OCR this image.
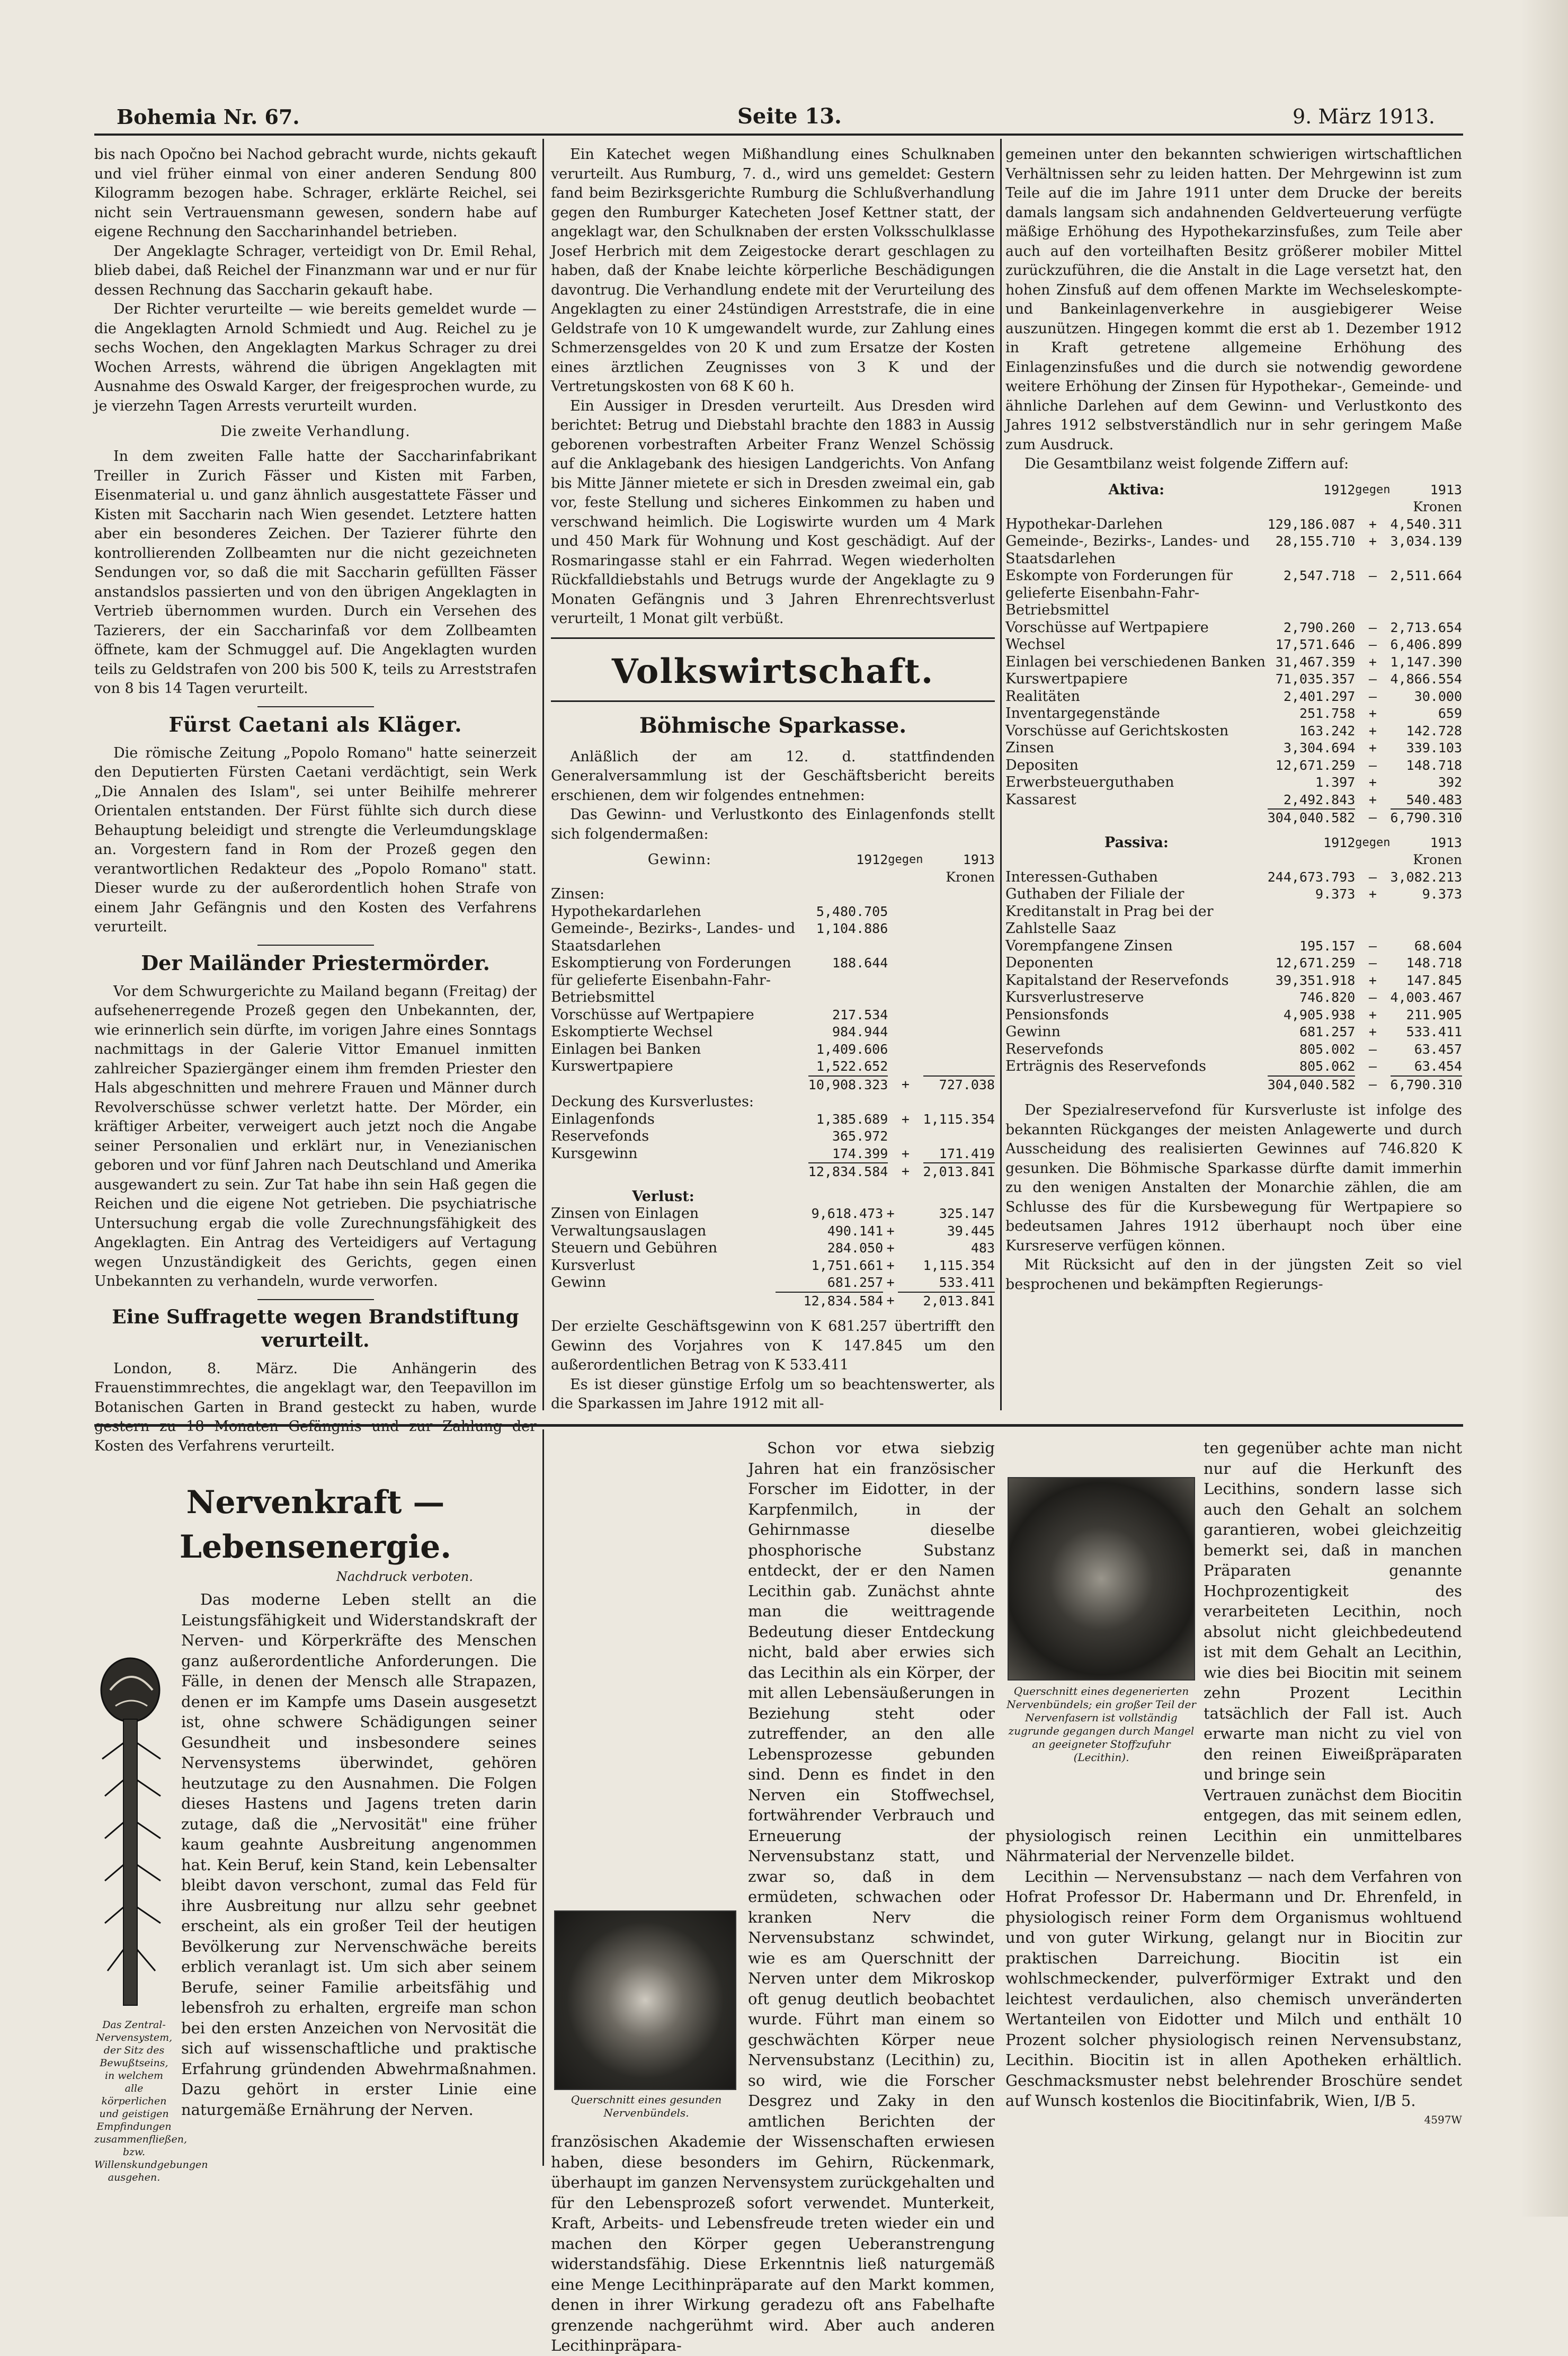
Bohemia Nr. 67.	Seite 13.	9. März 1913.

bis nach Opočno bei Nachod gebracht wurde, nichts gekauft und viel früher einmal von einer anderen Sendung 800 Kilogramm bezogen habe. Schrager, erklärte Reichel, sei nicht sein Vertrauensmann gewesen, sondern habe auf eigene Rechnung den Saccharinhandel betrieben.

Der Angeklagte Schrager, verteidigt von Dr. Emil Rehal, blieb dabei, daß Reichel der Finanzmann war und er nur für dessen Rechnung das Saccharin gekauft habe.

Der Richter verurteilte — wie bereits gemeldet wurde — die Angeklagten Arnold Schmiedt und Aug. Reichel zu je sechs Wochen, den Angeklagten Markus Schrager zu drei Wochen Arrests, während die übrigen Angeklagten mit Ausnahme des Oswald Karger, der freigesprochen wurde, zu je vierzehn Tagen Arrests verurteilt wurden.

Die zweite Verhandlung.

In dem zweiten Falle hatte der Saccharinfabrikant Treiller in Zurich Fässer und Kisten mit Farben, Eisenmaterial u. und ganz ähnlich ausgestattete Fässer und Kisten mit Saccharin nach Wien gesendet. Letztere hatten aber ein besonderes Zeichen. Der Tazierer führte den kontrollierenden Zollbeamten nur die nicht gezeichneten Sendungen vor, so daß die mit Saccharin gefüllten Fässer anstandslos passierten und von den übrigen Angeklagten in Vertrieb übernommen wurden. Durch ein Versehen des Tazierers, der ein Saccharinfaß vor dem Zollbeamten öffnete, kam der Schmuggel auf. Die Angeklagten wurden teils zu Geldstrafen von 200 bis 500 K, teils zu Arreststrafen von 8 bis 14 Tagen verurteilt.

Fürst Caetani als Kläger.

Die römische Zeitung „Popolo Romano" hatte seinerzeit den Deputierten Fürsten Caetani verdächtigt, sein Werk „Die Annalen des Islam", sei unter Beihilfe mehrerer Orientalen entstanden. Der Fürst fühlte sich durch diese Behauptung beleidigt und strengte die Verleumdungsklage an. Vorgestern fand in Rom der Prozeß gegen den verantwortlichen Redakteur des „Popolo Romano" statt. Dieser wurde zu der außerordentlich hohen Strafe von einem Jahr Gefängnis und den Kosten des Verfahrens verurteilt.

Der Mailänder Priestermörder.

Vor dem Schwurgerichte zu Mailand begann (Freitag) der aufsehenerregende Prozeß gegen den Unbekannten, der, wie erinnerlich sein dürfte, im vorigen Jahre eines Sonntags nachmittags in der Galerie Vittor Emanuel inmitten zahlreicher Spaziergänger einem ihm fremden Priester den Hals abgeschnitten und mehrere Frauen und Männer durch Revolverschüsse schwer verletzt hatte. Der Mörder, ein kräftiger Arbeiter, verweigert auch jetzt noch die Angabe seiner Personalien und erklärt nur, in Venezianischen geboren und vor fünf Jahren nach Deutschland und Amerika ausgewandert zu sein. Zur Tat habe ihn sein Haß gegen die Reichen und die eigene Not getrieben. Die psychiatrische Untersuchung ergab die volle Zurechnungsfähigkeit des Angeklagten. Ein Antrag des Verteidigers auf Vertagung wegen Unzuständigkeit des Gerichts, gegen einen Unbekannten zu verhandeln, wurde verworfen.

Eine Suffragette wegen Brandstiftung verurteilt.

London, 8. März. Die Anhängerin des Frauenstimmrechtes, die angeklagt war, den Teepavillon im Botanischen Garten in Brand gesteckt zu haben, wurde Kosten des Verfahrens verurteilt.

Ein Katechet wegen Mißhandlung eines Schulknaben verurteilt. Aus Rumburg, 7. d., wird uns gemeldet: Gestern fand beim Bezirksgerichte Rumburg die Schlußverhandlung gegen den Rumburger Katecheten Josef Kettner statt, der angeklagt war, den Schulknaben der ersten Volksschulklasse Josef Herbrich mit dem Zeigestocke derart geschlagen zu haben, daß der Knabe leichte körperliche Beschädigungen davontrug. Die Verhandlung endete mit der Verurteilung des Angeklagten zu einer 24stündigen Arreststrafe, die in eine Geldstrafe von 10 K umgewandelt wurde, zur Zahlung eines Schmerzensgeldes von 20 K und zum Ersatze der Kosten eines ärztlichen Zeugnisses von 3 K und der Vertretungskosten von 68 K 60 h.

Ein Aussiger in Dresden verurteilt. Aus Dresden wird berichtet: Betrug und Diebstahl brachte den 1883 in Aussig geborenen vorbestraften Arbeiter Franz Wenzel Schössig auf die Anklagebank des hiesigen Landgerichts. Von Anfang bis Mitte Jänner mietete er sich in Dresden zweimal ein, gab vor, feste Stellung und sicheres Einkommen zu haben und verschwand heimlich. Die Logiswirte wurden um 4 Mark und 450 Mark für Wohnung und Kost geschädigt. Auf der Rosmaringasse stahl er ein Fahrrad. Wegen wiederholten Rückfalldiebstahls und Betrugs wurde der Angeklagte zu 9 Monaten Gefängnis und 3 Jahren Ehrenrechtsverlust verurteilt, 1 Monat gilt verbüßt.

Volkswirtschaft.

Böhmische Sparkasse.

Anläßlich der am 12. d. stattfindenden Generalversammlung ist der Geschäftsbericht bereits erschienen, dem wir folgendes entnehmen:

Das Gewinn- und Verlustkonto des Einlagenfonds stellt sich folgendermaßen:

Gewinn:	1912	gegen	1913
			Kronen
Zinsen:			
Hypothekardarlehen	5,480.705		
Gemeinde-, Bezirks-, Landes- und Staatsdarlehen	1,104.886		
Eskomptierung von Forderungen für gelieferte Eisenbahn-Fahr-Betriebsmittel	188.644		
Vorschüsse auf Wertpapiere	217.534		
Eskomptierte Wechsel	984.944		
Einlagen bei Banken	1,409.606		
Kurswertpapiere	1,522.652		
	10,908.323	+	727.038
Deckung des Kursverlustes:			
Einlagenfonds	1,385.689	+	1,115.354
Reservefonds	365.972		
Kursgewinn	174.399	+	171.419
	12,834.584	+	2,013.841
Verlust:			
Zinsen von Einlagen	9,618.473	+	325.147
Verwaltungsauslagen	490.141	+	39.445
Steuern und Gebühren	284.050	+	483
Kursverlust	1,751.661	+	1,115.354
Gewinn	681.257	+	533.411
	12,834.584	+	2,013.841

Der erzielte Geschäftsgewinn von K 681.257 übertrifft den Gewinn des Vorjahres von K 147.845 um den außerordentlichen Betrag von K 533.411

Es ist dieser günstige Erfolg um so beachtenswerter, als die Sparkassen im Jahre 1912 mit all-

gemeinen unter den bekannten schwierigen wirtschaftlichen Verhältnissen sehr zu leiden hatten. Der Mehrgewinn ist zum Teile auf die im Jahre 1911 unter dem Drucke der bereits damals langsam sich andahnenden Geldverteuerung verfügte mäßige Erhöhung des Hypothekarzinsfußes, zum Teile aber auch auf den vorteilhaften Besitz größerer mobiler Mittel zurückzuführen, die die Anstalt in die Lage versetzt hat, den hohen Zinsfuß auf dem offenen Markte im Wechseleskompte- und Bankeinlagenverkehre in ausgiebigerer Weise auszunützen. Hingegen kommt die erst ab 1. Dezember 1912 in Kraft getretene allgemeine Erhöhung des Einlagenzinsfußes und die durch sie notwendig gewordene weitere Erhöhung der Zinsen für Hypothekar-, Gemeinde- und ähnliche Darlehen auf dem Gewinn- und Verlustkonto des Jahres 1912 selbstverständlich nur in sehr geringem Maße zum Ausdruck.

Die Gesamtbilanz weist folgende Ziffern auf:

Aktiva:	1912	gegen	1913
			Kronen
Hypothekar-Darlehen	129,186.087	+	4,540.311
Gemeinde-, Bezirks-, Landes- und Staatsdarlehen	28,155.710	+	3,034.139
Eskompte von Forderungen für gelieferte Eisenbahn-Fahr-Betriebsmittel	2,547.718	—	2,511.664
Vorschüsse auf Wertpapiere	2,790.260	—	2,713.654
Wechsel	17,571.646	—	6,406.899
Einlagen bei verschiedenen Banken	31,467.359	+	1,147.390
Kurswertpapiere	71,035.357	—	4,866.554
Realitäten	2,401.297	—	30.000
Inventargegenstände	251.758	+	659
Vorschüsse auf Gerichtskosten	163.242	+	142.728
Zinsen	3,304.694	+	339.103
Depositen	12,671.259	—	148.718
Erwerbsteuerguthaben	1.397	+	392
Kassarest	2,492.843	+	540.483
	304,040.582	—	6,790.310
Passiva:	1912	gegen	1913
			Kronen
Interessen-Guthaben	244,673.793	—	3,082.213
Guthaben der Filiale der Kreditanstalt in Prag bei der Zahlstelle Saaz	9.373	+	9.373
Vorempfangene Zinsen	195.157	—	68.604
Deponenten	12,671.259	—	148.718
Kapitalstand der Reservefonds	39,351.918	+	147.845
Kursverlustreserve	746.820	—	4,003.467
Pensionsfonds	4,905.938	+	211.905
Gewinn	681.257	+	533.411
Reservefonds	805.002	—	63.457
Erträgnis des Reservefonds	805.062	—	63.454
	304,040.582	—	6,790.310

Der Spezialreservefond für Kursverluste ist infolge des bekannten Rückganges der meisten Anlagewerte und durch Ausscheidung des realisierten Gewinnes auf 746.820 K gesunken. Die Böhmische Sparkasse dürfte damit immerhin zu den wenigen Anstalten der Monarchie zählen, die am Schlusse des für die Kursbewegung für Wertpapiere so bedeutsamen Jahres 1912 überhaupt noch über eine Kursreserve verfügen können.

Mit Rücksicht auf den in der jüngsten Zeit so viel besprochenen und bekämpften Regierungs-

Nervenkraft — Lebensenergie.

Nachdruck verboten.

Das Zentral-Nervensystem, der Sitz des Bewußtseins, in welchem alle körperlichen und geistigen Empfindungen zusammenfließen, bzw. Willenskundgebungen ausgehen.

Das moderne Leben stellt an die Leistungsfähigkeit und Widerstandskraft der Nerven- und Körperkräfte des Menschen ganz außerordentliche Anforderungen. Die Fälle, in denen der Mensch alle Strapazen, denen er im Kampfe ums Dasein ausgesetzt ist, ohne schwere Schädigungen seiner Gesundheit und insbesondere seines Nervensystems überwindet, gehören heutzutage zu den Ausnahmen. Die Folgen dieses Hastens und Jagens treten darin zutage, daß die „Nervosität" eine früher kaum geahnte Ausbreitung angenommen hat. Kein Beruf, kein Stand, kein Lebensalter bleibt davon verschont, zumal das Feld für ihre Ausbreitung nur allzu sehr geebnet erscheint, als ein großer Teil der heutigen Bevölkerung zur Nervenschwäche bereits erblich veranlagt ist. Um sich aber seinem Berufe, seiner Familie arbeitsfähig und lebensfroh zu erhalten, ergreife man schon bei den ersten Anzeichen von Nervosität die sich auf wissenschaftliche und praktische Erfahrung gründenden Abwehrmaßnahmen. Dazu gehört in erster Linie eine naturgemäße Ernährung der Nerven.

Querschnitt eines gesunden Nervenbündels.

Schon vor etwa siebzig Jahren hat ein französischer Forscher im Eidotter, in der Karpfenmilch, in der Gehirnmasse dieselbe phosphorische Substanz entdeckt, der er den Namen Lecithin gab. Zunächst ahnte man die weittragende Bedeutung dieser Entdeckung nicht, bald aber erwies sich das Lecithin als ein Körper, der mit allen Lebensäußerungen in Beziehung steht oder zutreffender, an den alle Lebensprozesse gebunden sind. Denn es findet in den Nerven ein Stoffwechsel, fortwährender Verbrauch und Erneuerung der Nervensubstanz statt, und zwar so, daß in dem ermüdeten, schwachen oder kranken Nerv die Nervensubstanz schwindet, wie es am Querschnitt der Nerven unter dem Mikroskop oft genug deutlich beobachtet wurde. Führt man einem so geschwächten Körper neue Nervensubstanz (Lecithin) zu, so wird, wie die Forscher Desgrez und Zaky in den amtlichen Berichten der französischen Akademie der Wissenschaften erwiesen haben, diese besonders im Gehirn, Rückenmark, überhaupt im ganzen Nervensystem zurückgehalten und für den Lebensprozeß sofort verwendet. Munterkeit, Kraft, Arbeits- und Lebensfreude treten wieder ein und machen den Körper gegen Ueberanstrengung widerstandsfähig. Diese Erkenntnis ließ naturgemäß eine Menge Lecithinpräparate auf den Markt kommen, denen in ihrer Wirkung geradezu oft ans Fabelhafte grenzende nachgerühmt wird. Aber auch anderen Lecithinpräpara-

Querschnitt eines degenerierten Nervenbündels; ein großer Teil der Nervenfasern ist vollständig zugrunde gegangen durch Mangel an geeigneter Stoffzufuhr (Lecithin).

ten gegenüber achte man nicht nur auf die Herkunft des Lecithins, sondern lasse sich auch den Gehalt an solchem garantieren, wobei gleichzeitig bemerkt sei, daß in manchen Präparaten genannte Hochprozentigkeit des verarbeiteten Lecithin, noch absolut nicht gleichbedeutend ist mit dem Gehalt an Lecithin, wie dies bei Biocitin mit seinem zehn Prozent Lecithin tatsächlich der Fall ist. Auch erwarte man nicht zu viel von den reinen Eiweißpräparaten und bringe sein

Vertrauen zunächst dem Biocitin entgegen, das mit seinem edlen, physiologisch reinen Lecithin ein unmittelbares Nährmaterial der Nervenzelle bildet.

Lecithin — Nervensubstanz — nach dem Verfahren von Hofrat Professor Dr. Habermann und Dr. Ehrenfeld, in physiologisch reiner Form dem Organismus wohltuend und von guter Wirkung, gelangt nur in Biocitin zur praktischen Darreichung. Biocitin ist ein wohlschmeckender, pulverförmiger Extrakt und den leichtest verdaulichen, also chemisch unveränderten Wertanteilen von Eidotter und Milch und enthält 10 Prozent solcher physiologisch reinen Nervensubstanz, Lecithin. Biocitin ist in allen Apotheken erhältlich. Geschmacksmuster nebst belehrender Broschüre sendet auf Wunsch kostenlos die Biocitinfabrik, Wien, I/B 5.

4597W
